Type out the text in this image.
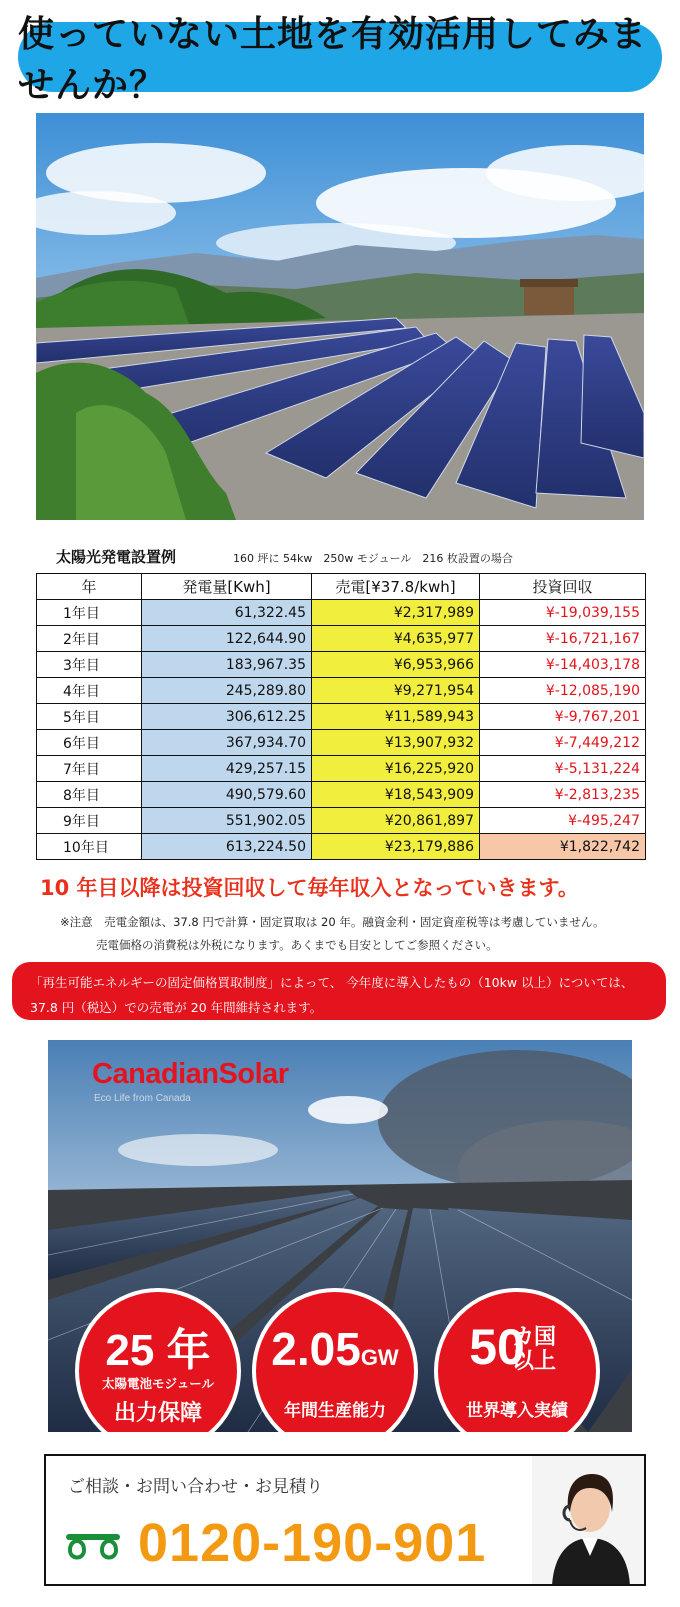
使っていない土地を有効活用してみませんか？
太陽光発電設置例	160 坪に 54kw　250w モジュール　216 枚設置の場合
年	発電量[Kwh]	売電[¥37.8/kwh]	投資回収
1年目	61,322.45	¥2,317,989	¥-19,039,155
2年目	122,644.90	¥4,635,977	¥-16,721,167
3年目	183,967.35	¥6,953,966	¥-14,403,178
4年目	245,289.80	¥9,271,954	¥-12,085,190
5年目	306,612.25	¥11,589,943	¥-9,767,201
6年目	367,934.70	¥13,907,932	¥-7,449,212
7年目	429,257.15	¥16,225,920	¥-5,131,224
8年目	490,579.60	¥18,543,909	¥-2,813,235
9年目	551,902.05	¥20,861,897	¥-495,247
10年目	613,224.50	¥23,179,886	¥1,822,742
10 年目以降は投資回収して毎年収入となっていきます。
※注意　売電金額は、37.8 円で計算・固定買取は 20 年。融資金利・固定資産税等は考慮していません。
売電価格の消費税は外税になります。あくまでも目安としてご参照ください。
「再生可能エネルギーの固定価格買取制度」によって、 今年度に導入したもの（10kw 以上）については、
37.8 円（税込）での売電が 20 年間維持されます。
CanadianSolar
Eco Life from Canada
25 年
太陽電池モジュール
出力保障
2.05GW
年間生産能力
50
カ国
以上
世界導入実績
ご相談・お問い合わせ・お見積り
0120-190-901
